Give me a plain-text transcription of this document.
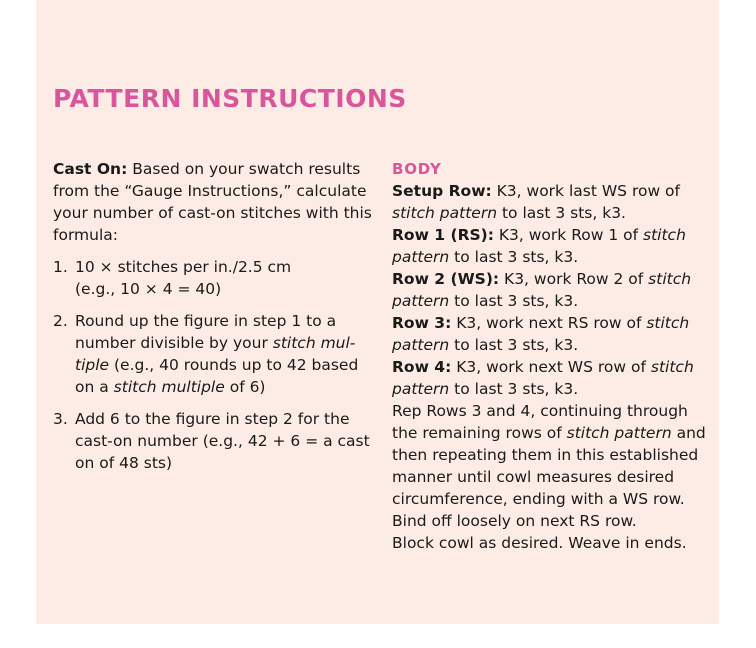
PATTERN INSTRUCTIONS

Cast On: Based on your swatch results from the “Gauge Instructions,” calculate your number of cast-on stitches with this formula:

1. 10 × stitches per in./2.5 cm
(e.g., 10 × 4 = 40)
2. Round up the figure in step 1 to a number divisible by your stitch mul-tiple (e.g., 40 rounds up to 42 based on a stitch multiple of 6)
3. Add 6 to the figure in step 2 for the cast-on number (e.g., 42 + 6 = a cast on of 48 sts)

BODY

Setup Row: K3, work last WS row of stitch pattern to last 3 sts, k3.

Row 1 (RS): K3, work Row 1 of stitch pattern to last 3 sts, k3.

Row 2 (WS): K3, work Row 2 of stitch pattern to last 3 sts, k3.

Row 3: K3, work next RS row of stitch pattern to last 3 sts, k3.

Row 4: K3, work next WS row of stitch pattern to last 3 sts, k3.

Rep Rows 3 and 4, continuing through the remaining rows of stitch pattern and then repeating them in this established manner until cowl measures desired circumference, ending with a WS row.

Bind off loosely on next RS row.

Block cowl as desired. Weave in ends.
